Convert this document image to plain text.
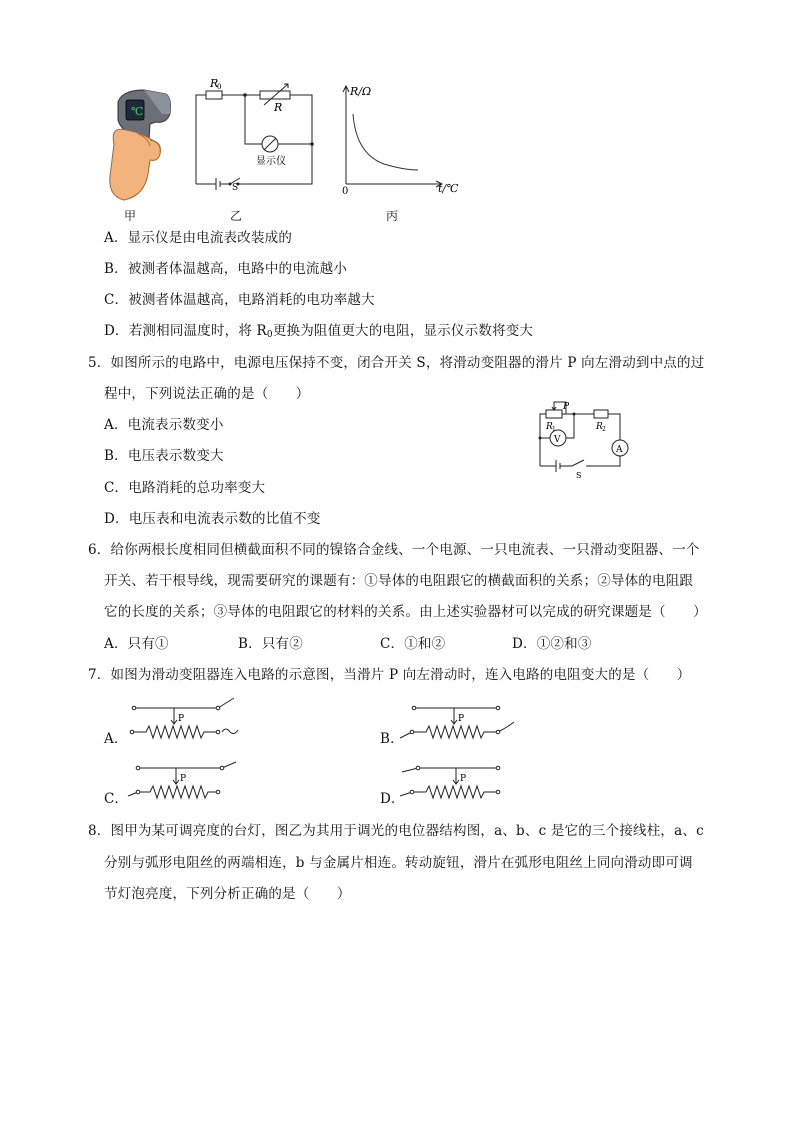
℃
甲
R
0
R
显示仪
S
乙
R/Ω
0	t/℃
丙
A．显示仪是由电流表改装成的
B．被测者体温越高，电路中的电流越小
C．被测者体温越高，电路消耗的电功率越大
D．若测相同温度时，将 $R_0$更换为阻值更大的电阻，显示仪示数将变大
5．如图所示的电路中，电源电压保持不变，闭合开关 S，将滑动变阻器的滑片 P 向左滑动到中点的过
程中，下列说法正确的是（　　）
A．电流表示数变小
B．电压表示数变大
C．电路消耗的总功率变大
D．电压表和电流表示数的比值不变
P
R 1	R 2
V
A
S
6．给你两根长度相同但横截面积不同的镍铬合金线、一个电源、一只电流表、一只滑动变阻器、一个
开关、若干根导线，现需要研究的课题有：①导体的电阻跟它的横截面积的关系；②导体的电阻跟
它的长度的关系；③导体的电阻跟它的材料的关系。由上述实验器材可以完成的研究课题是（　　）
A．只有①	B．只有②	C．①和②	D．①②和③
7．如图为滑动变阻器连入电路的示意图，当滑片 P 向左滑动时，连入电路的电阻变大的是（　　）
A．
P
B．
P
C．
P
D．
P
8．图甲为某可调亮度的台灯，图乙为其用于调光的电位器结构图，a、b、c 是它的三个接线柱，a、c
分别与弧形电阻丝的两端相连，b 与金属片相连。转动旋钮，滑片在弧形电阻丝上同向滑动即可调
节灯泡亮度，下列分析正确的是（　　）
